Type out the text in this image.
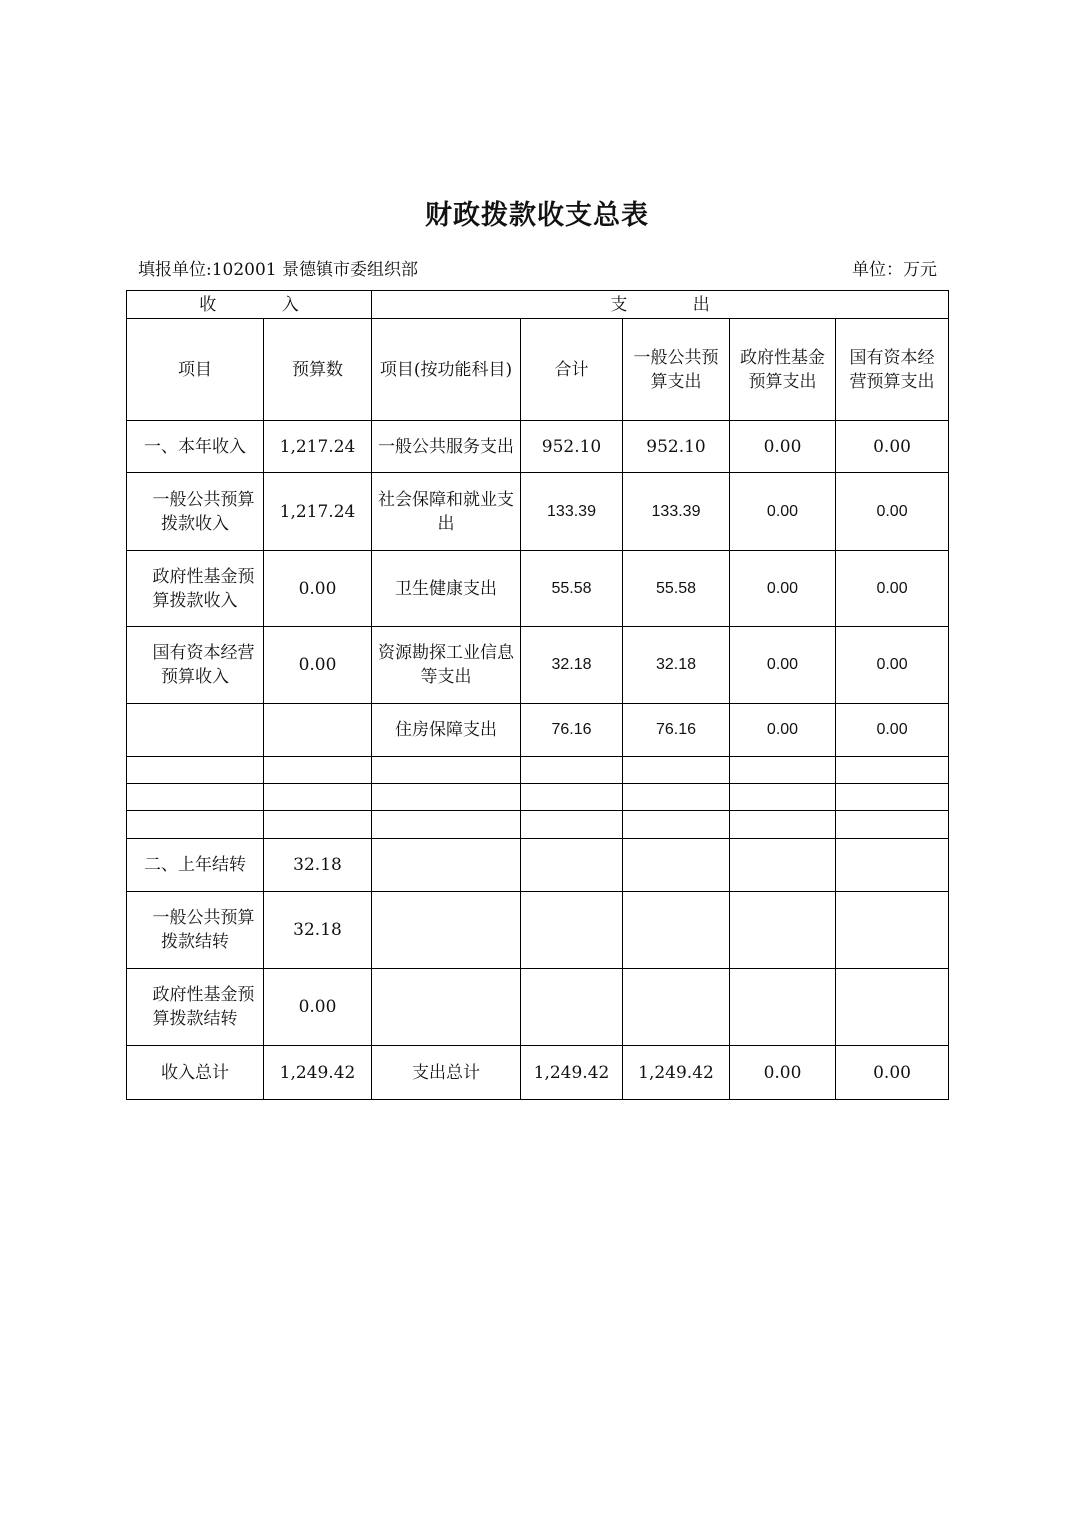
财政拨款收支总表
填报单位:102001 景德镇市委组织部	单位：万元
收 入		支 出				
项目	预算数	项目(按功能科目)	合计	一般公共预算支出	政府性基金预算支出	国有资本经营预算支出
一、本年收入	1,217.24	一般公共服务支出	952.10	952.10	0.00	0.00
一般公共预算拨款收入	1,217.24	社会保障和就业支出	133.39	133.39	0.00	0.00
政府性基金预算拨款收入	0.00	卫生健康支出	55.58	55.58	0.00	0.00
国有资本经营预算收入	0.00	资源勘探工业信息等支出	32.18	32.18	0.00	0.00
		住房保障支出	76.16	76.16	0.00	0.00

二、上年结转	32.18					
一般公共预算拨款结转	32.18					
政府性基金预算拨款结转	0.00					
收入总计	1,249.42	支出总计	1,249.42	1,249.42	0.00	0.00
